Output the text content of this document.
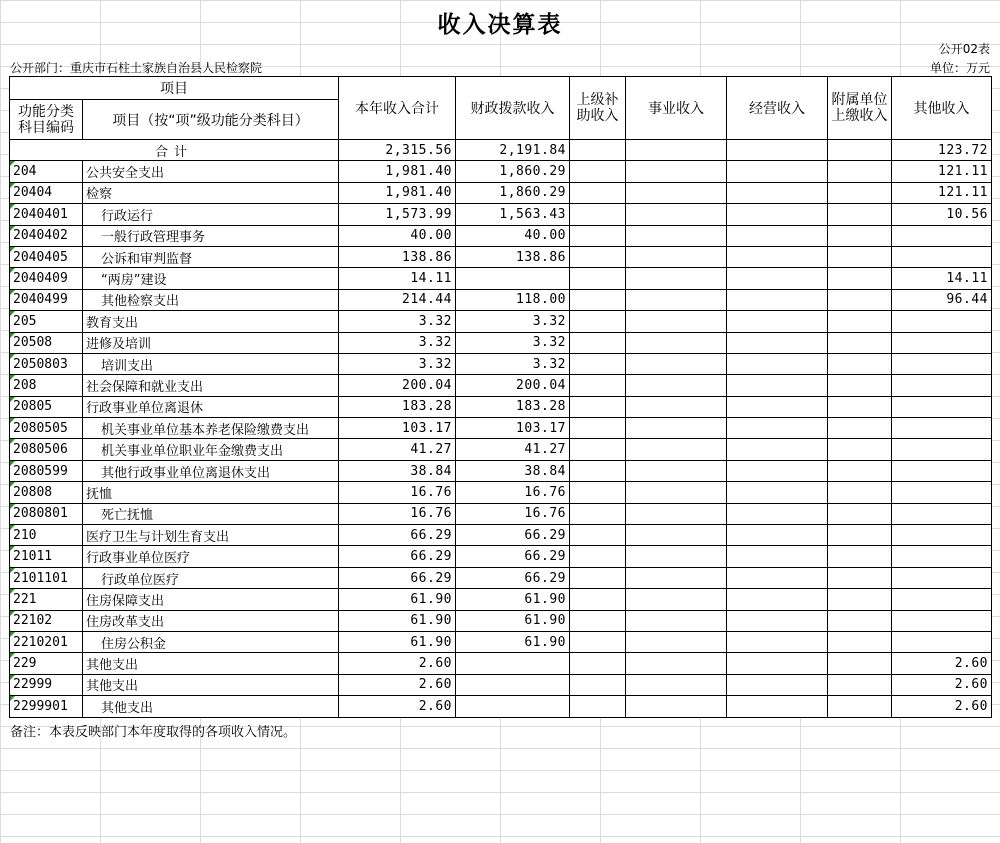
收入决算表
公开02表
公开部门：重庆市石柱土家族自治县人民检察院	单位：万元
项目		本年收入合计	财政拨款收入	上级补助收入	事业收入	经营收入	附属单位上缴收入	其他收入
功能分类科目编码	项目（按“项”级功能分类科目）							
合计		2,315.56	2,191.84					123.72
204	公共安全支出	1,981.40	1,860.29					121.11
20404	检察	1,981.40	1,860.29					121.11
2040401	行政运行	1,573.99	1,563.43					10.56
2040402	一般行政管理事务	40.00	40.00					
2040405	公诉和审判监督	138.86	138.86					
2040409	“两房”建设	14.11						14.11
2040499	其他检察支出	214.44	118.00					96.44
205	教育支出	3.32	3.32					
20508	进修及培训	3.32	3.32					
2050803	培训支出	3.32	3.32					
208	社会保障和就业支出	200.04	200.04					
20805	行政事业单位离退休	183.28	183.28					
2080505	机关事业单位基本养老保险缴费支出	103.17	103.17					
2080506	机关事业单位职业年金缴费支出	41.27	41.27					
2080599	其他行政事业单位离退休支出	38.84	38.84					
20808	抚恤	16.76	16.76					
2080801	死亡抚恤	16.76	16.76					
210	医疗卫生与计划生育支出	66.29	66.29					
21011	行政事业单位医疗	66.29	66.29					
2101101	行政单位医疗	66.29	66.29					
221	住房保障支出	61.90	61.90					
22102	住房改革支出	61.90	61.90					
2210201	住房公积金	61.90	61.90					
229	其他支出	2.60						2.60
22999	其他支出	2.60						2.60
2299901	其他支出	2.60						2.60
备注：本表反映部门本年度取得的各项收入情况。
